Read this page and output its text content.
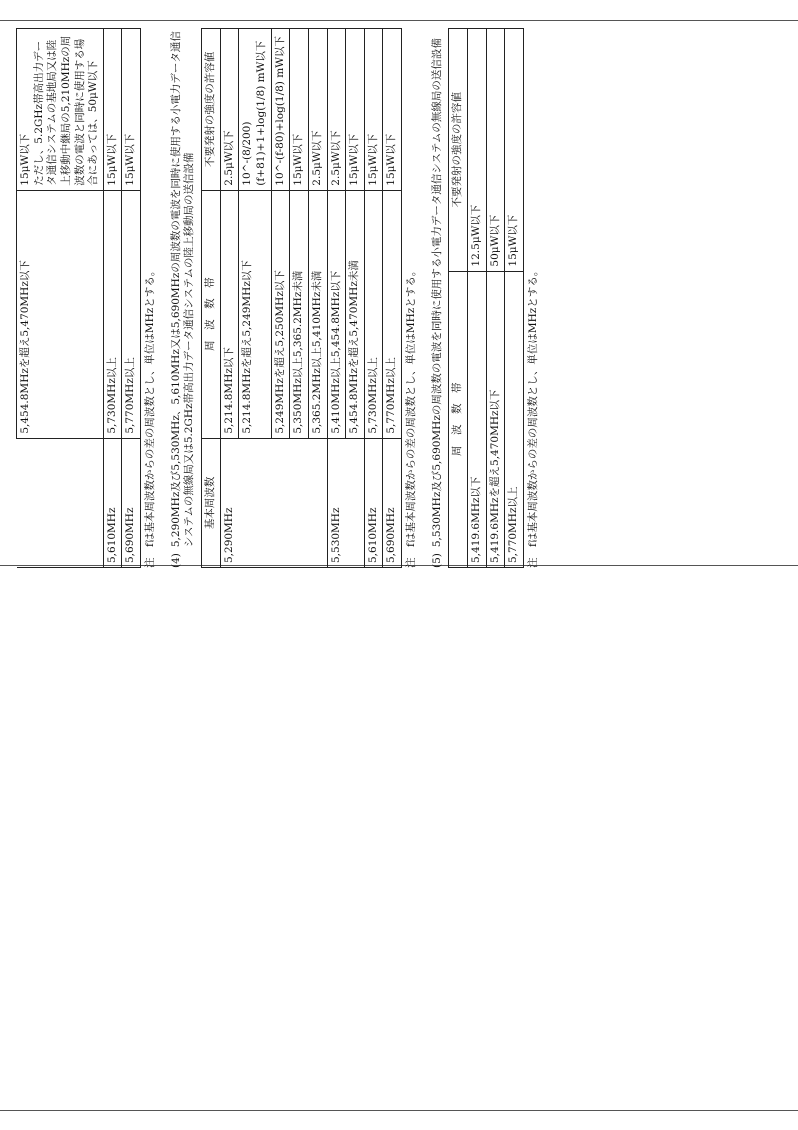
	5,454.8MHzを超え5,470MHz以下	15μW以下
ただし、5.2GHz帯高出力データ通信システムの基地局又は陸上移動中継局の5,210MHzの周波数の電波と同時に使用する場合にあっては、50μW以下
5,610MHz	5,730MHz以上	15μW以下
5,690MHz	5,770MHz以上	15μW以下
注　fは基本周波数からの差の周波数とし、単位はMHzとする。 (4)
5,290MHz及び5,530MHz、5,610MHz又は5,690MHzの周波数の電波を同時に使用する小電力データ通信システムの無線局又は5.2GHz帯高出力データ通信システムの陸上移動局の送信設備 基本周波数	周　波　数　帯	不要発射の強度の許容値
5,290MHz	5,214.8MHz以下	2.5μW以下
	5,214.8MHzを超え5,249MHz以下	10^-(8/200)(f+81)+1+log(1/8) mW以下
	5,249MHzを超え5,250MHz以下	10^-(f-80)+log(1/8) mW以下
	5,350MHz以上5,365.2MHz未満	15μW以下
	5,365.2MHz以上5,410MHz未満	2.5μW以下
5,530MHz	5,410MHz以上5,454.8MHz以下	2.5μW以下
	5,454.8MHzを超え5,470MHz未満	15μW以下
5,610MHz	5,730MHz以上	15μW以下
5,690MHz	5,770MHz以上	15μW以下
注　fは基本周波数からの差の周波数とし、単位はMHzとする。 (5)
5,530MHz及び5,690MHzの周波数の電波を同時に使用する小電力データ通信システムの無線局の送信設備 周　波　数　帯	不要発射の強度の許容値
5,419.6MHz以下	12.5μW以下
5,419.6MHzを超え5,470MHz以下	50μW以下
5,770MHz以上	15μW以下
注　fは基本周波数からの差の周波数とし、単位はMHzとする。
